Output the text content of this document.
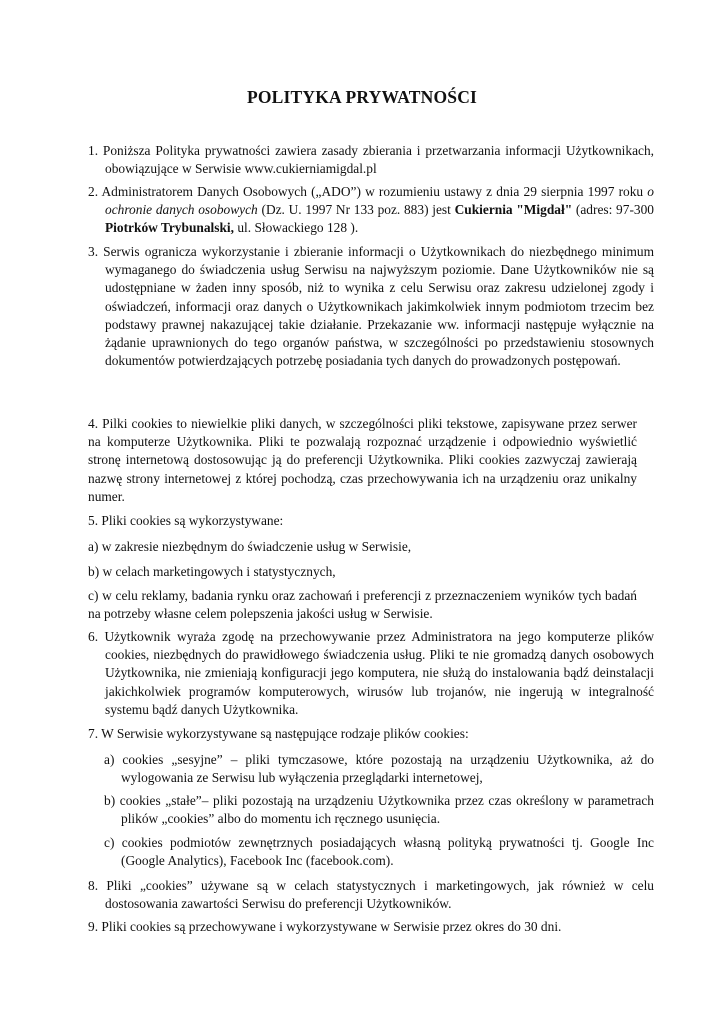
POLITYKA PRYWATNOŚCI
1. Poniższa Polityka prywatności zawiera zasady zbierania i przetwarzania informacji Użytkownikach, obowiązujące w Serwisie www.cukierniamigdal.pl
2. Administratorem Danych Osobowych („ADO”) w rozumieniu ustawy z dnia 29 sierpnia 1997 roku o ochronie danych osobowych (Dz. U. 1997 Nr 133 poz. 883) jest Cukiernia "Migdał" (adres: 97-300 Piotrków Trybunalski, ul. Słowackiego 128 ).
3. Serwis ogranicza wykorzystanie i zbieranie informacji o Użytkownikach do niezbędnego minimum wymaganego do świadczenia usług Serwisu na najwyższym poziomie. Dane Użytkowników nie są udostępniane w żaden inny sposób, niż to wynika z celu Serwisu oraz zakresu udzielonej zgody i oświadczeń, informacji oraz danych o Użytkownikach jakimkolwiek innym podmiotom trzecim bez podstawy prawnej nakazującej takie działanie. Przekazanie ww. informacji następuje wyłącznie na żądanie uprawnionych do tego organów państwa, w szczególności po przedstawieniu stosownych dokumentów potwierdzających potrzebę posiadania tych danych do prowadzonych postępowań.
4. Pilki cookies to niewielkie pliki danych, w szczególności pliki tekstowe, zapisywane przez serwer na komputerze Użytkownika. Pliki te pozwalają rozpoznać urządzenie i odpowiednio wyświetlić stronę internetową dostosowując ją do preferencji Użytkownika. Pliki cookies zazwyczaj zawierają nazwę strony internetowej z której pochodzą, czas przechowywania ich na urządzeniu oraz unikalny numer.
5. Pliki cookies są wykorzystywane:
a) w zakresie niezbędnym do świadczenie usług w Serwisie,
b) w celach marketingowych i statystycznych,
c) w celu reklamy, badania rynku oraz zachowań i preferencji z przeznaczeniem wyników tych badań na potrzeby własne celem polepszenia jakości usług w Serwisie.
6. Użytkownik wyraża zgodę na przechowywanie przez Administratora na jego komputerze plików cookies, niezbędnych do prawidłowego świadczenia usług. Pliki te nie gromadzą danych osobowych Użytkownika, nie zmieniają konfiguracji jego komputera, nie służą do instalowania bądź deinstalacji jakichkolwiek programów komputerowych, wirusów lub trojanów, nie ingerują w integralność systemu bądź danych Użytkownika.
7. W Serwisie wykorzystywane są następujące rodzaje plików cookies:
a) cookies „sesyjne” – pliki tymczasowe, które pozostają na urządzeniu Użytkownika, aż do wylogowania ze Serwisu lub wyłączenia przeglądarki internetowej,
b) cookies „stałe”– pliki pozostają na urządzeniu Użytkownika przez czas określony w parametrach plików „cookies” albo do momentu ich ręcznego usunięcia.
c) cookies podmiotów zewnętrznych posiadających własną polityką prywatności tj. Google Inc (Google Analytics), Facebook Inc (facebook.com).
8. Pliki „cookies” używane są w celach statystycznych i marketingowych, jak również w celu dostosowania zawartości Serwisu do preferencji Użytkowników.
9. Pliki cookies są przechowywane i wykorzystywane w Serwisie przez okres do 30 dni.
